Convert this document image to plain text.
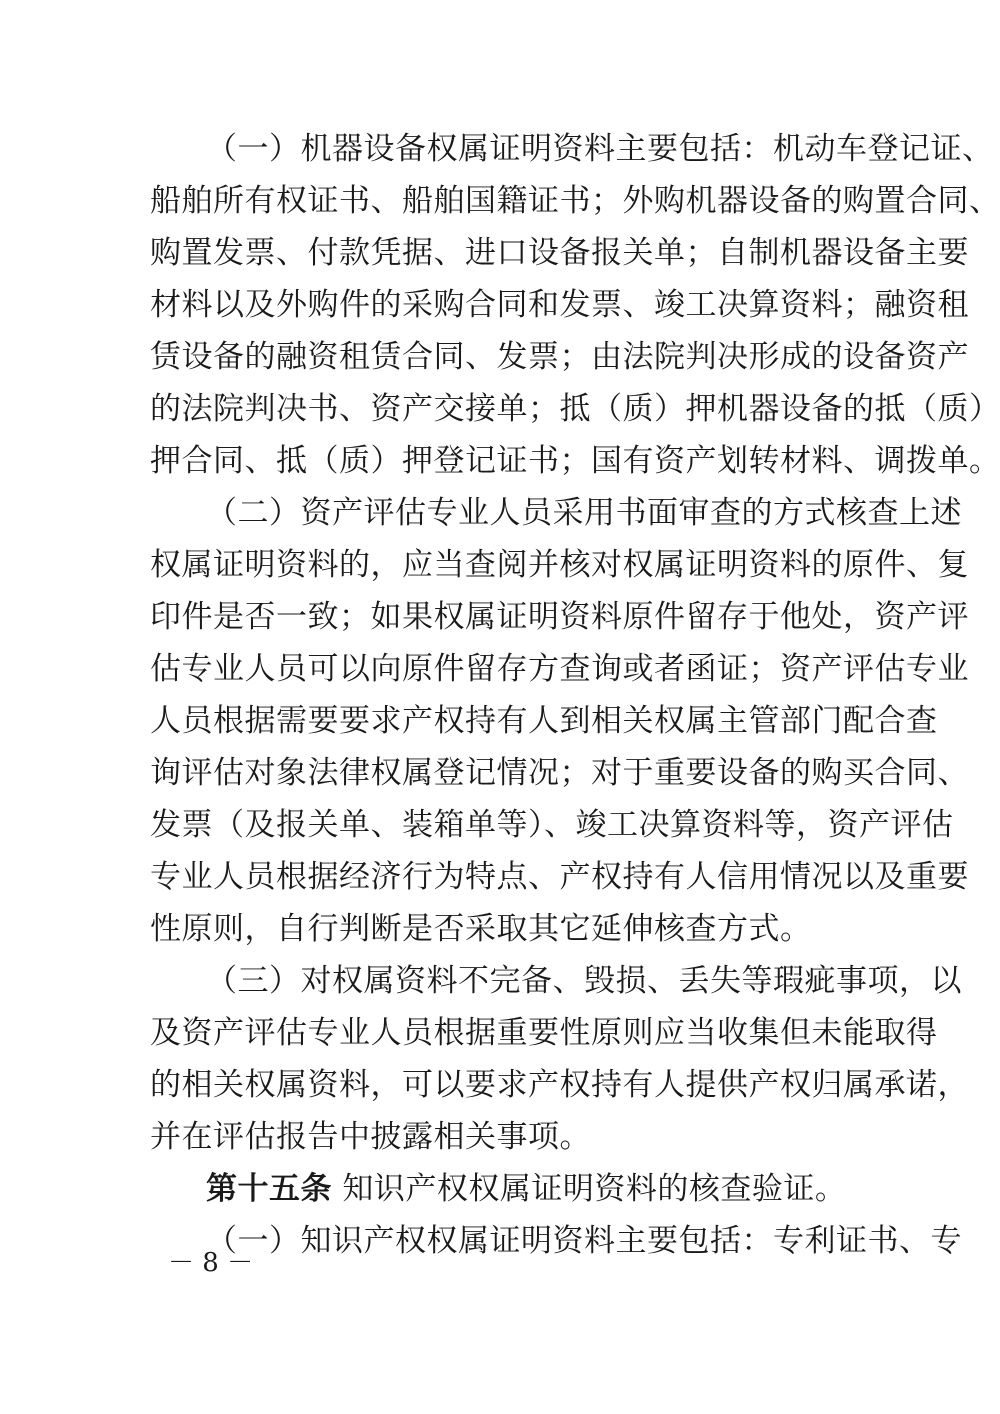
（一）机器设备权属证明资料主要包括：机动车登记证、
船舶所有权证书、船舶国籍证书；外购机器设备的购置合同、
购置发票、付款凭据、进口设备报关单；自制机器设备主要
材料以及外购件的采购合同和发票、竣工决算资料；融资租
赁设备的融资租赁合同、发票；由法院判决形成的设备资产
的法院判决书、资产交接单；抵（质）押机器设备的抵（质）
押合同、抵（质）押登记证书；国有资产划转材料、调拨单。
（二）资产评估专业人员采用书面审查的方式核查上述
权属证明资料的，应当查阅并核对权属证明资料的原件、复
印件是否一致；如果权属证明资料原件留存于他处，资产评
估专业人员可以向原件留存方查询或者函证；资产评估专业
人员根据需要要求产权持有人到相关权属主管部门配合查
询评估对象法律权属登记情况；对于重要设备的购买合同、
发票（及报关单、装箱单等）、竣工决算资料等，资产评估
专业人员根据经济行为特点、产权持有人信用情况以及重要
性原则，自行判断是否采取其它延伸核查方式。
（三）对权属资料不完备、毁损、丢失等瑕疵事项，以
及资产评估专业人员根据重要性原则应当收集但未能取得
的相关权属资料，可以要求产权持有人提供产权归属承诺，
并在评估报告中披露相关事项。
第十五条 知识产权权属证明资料的核查验证。
（一）知识产权权属证明资料主要包括：专利证书、专
－ 8 －
